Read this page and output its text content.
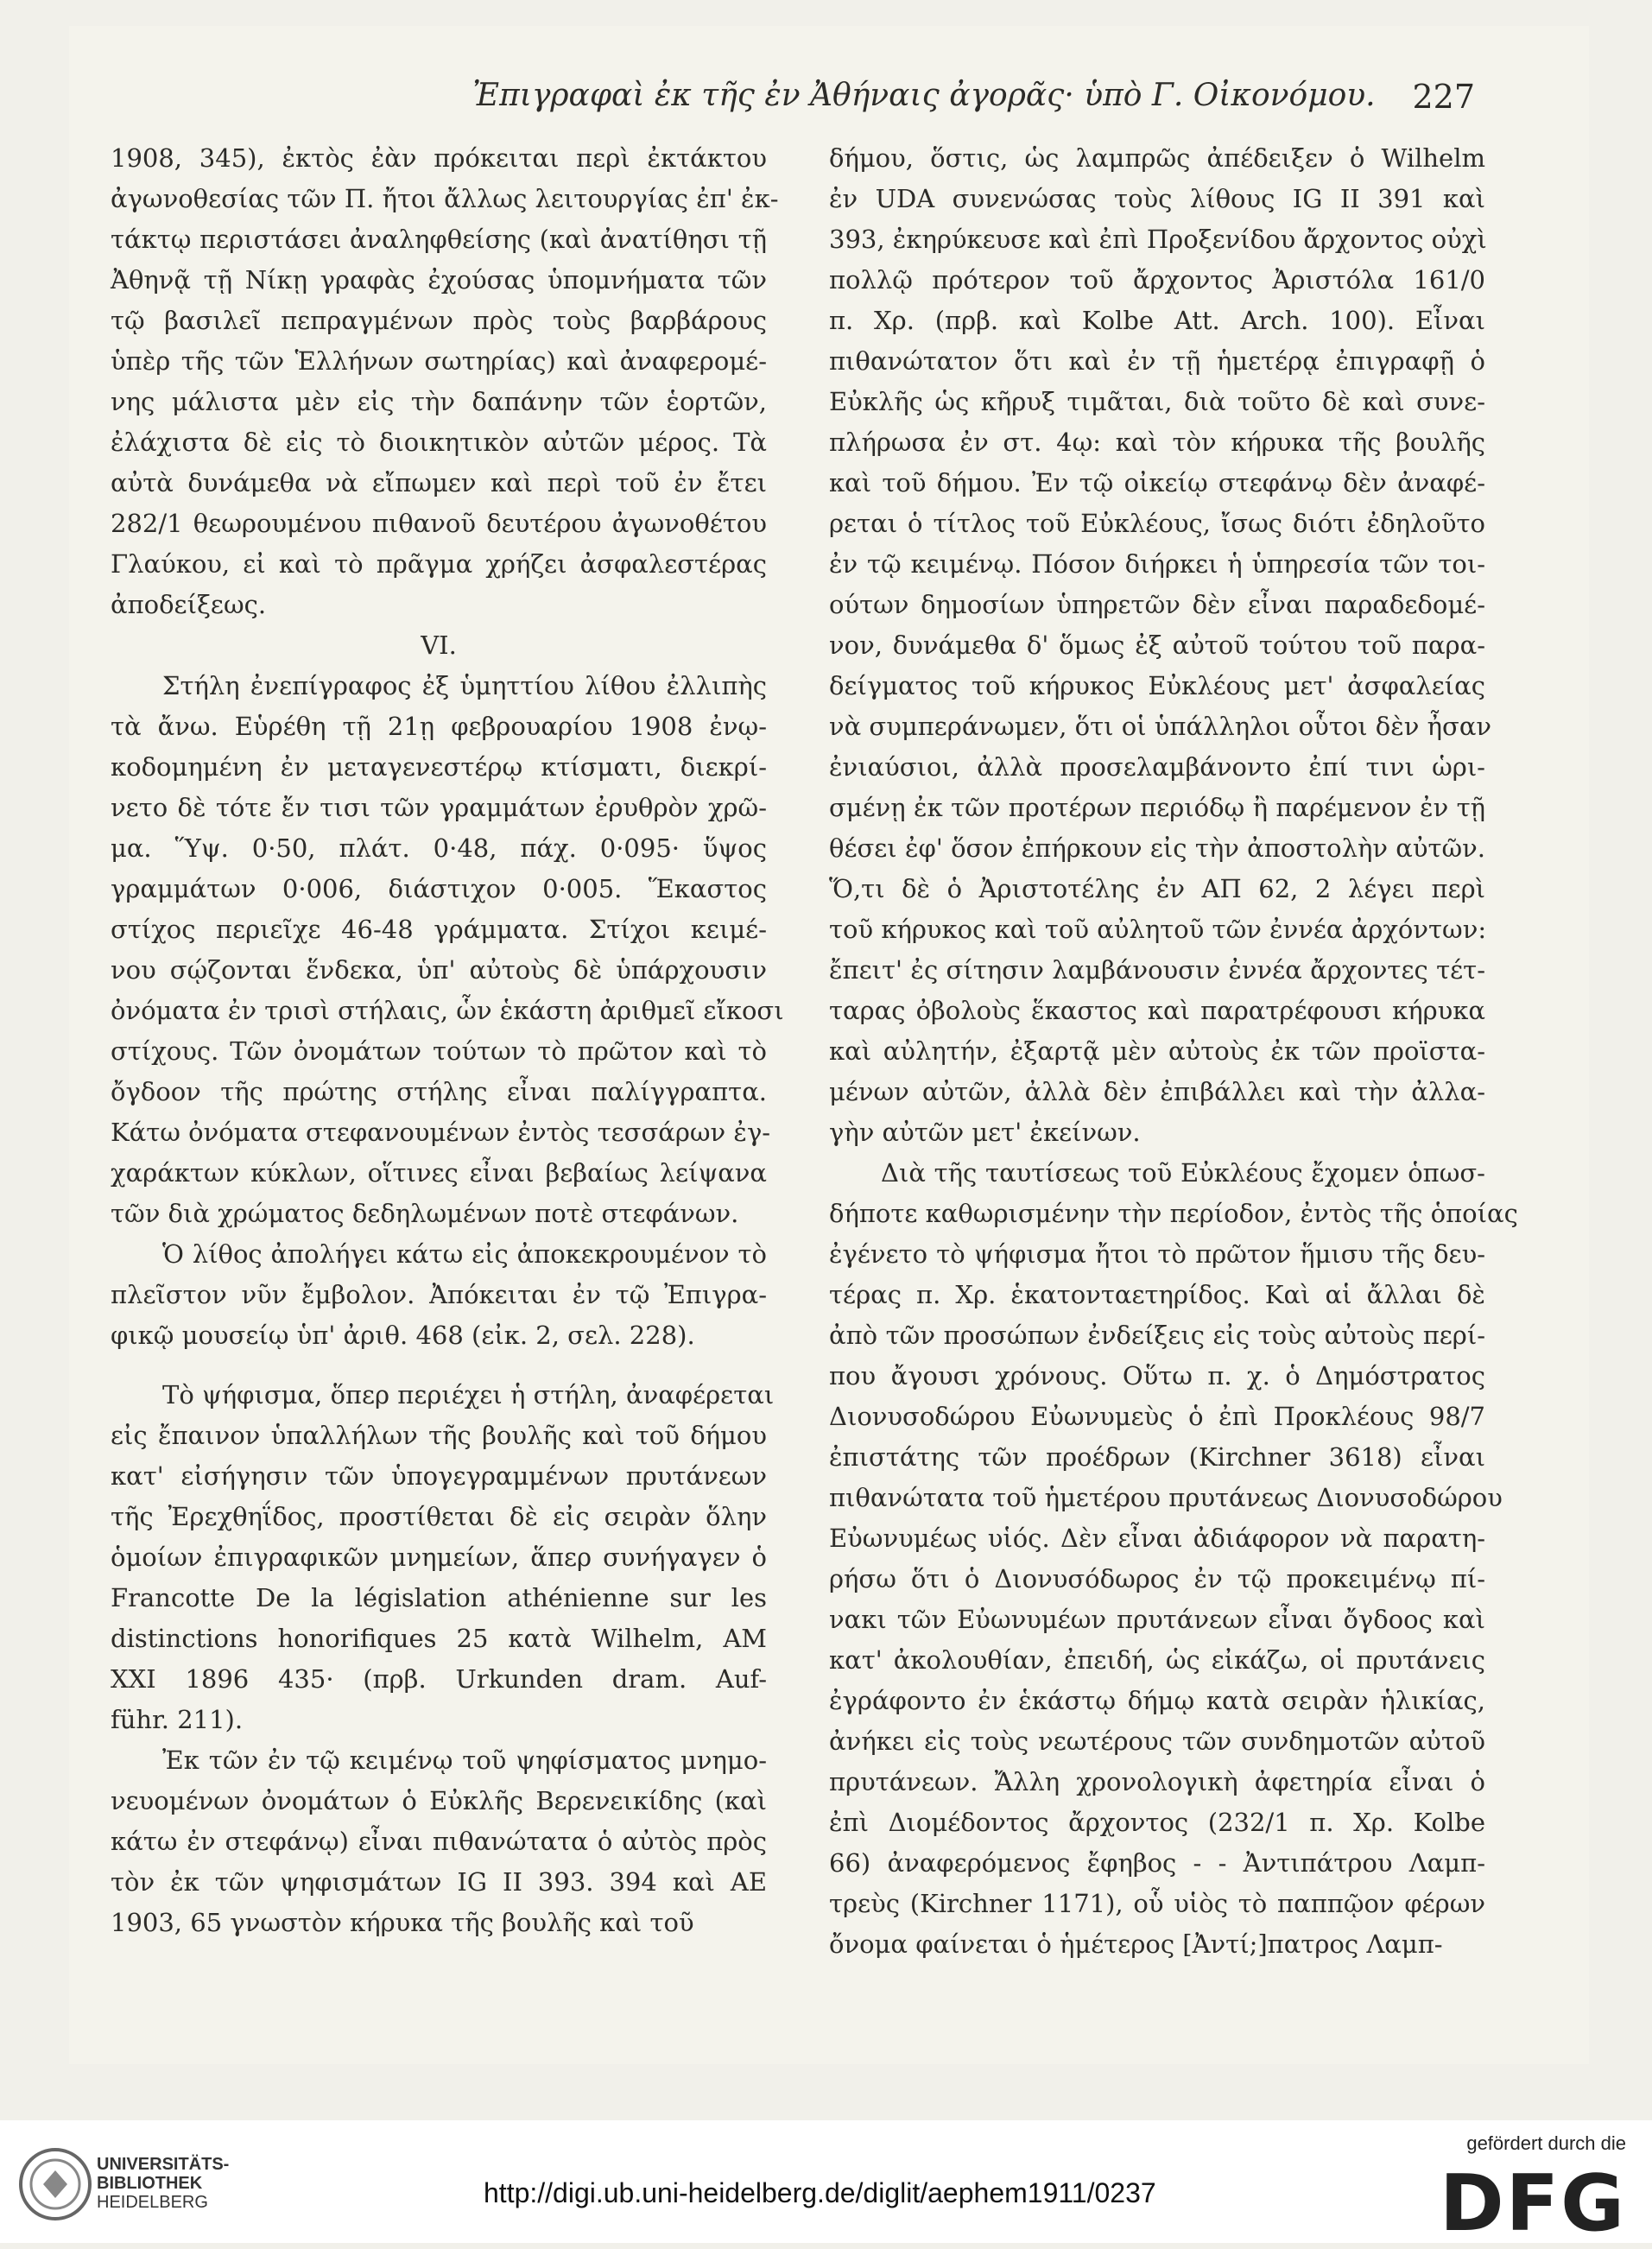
Ἐπιγραφαὶ ἐκ τῆς ἐν Ἀθήναις ἀγορᾶς· ὑπὸ Γ. Οἰκονόμου.	227

1908, 345), ἐκτὸς ἐὰν πρόκειται περὶ ἐκτάκτου
ἀγωνοθεσίας τῶν Π. ἤτοι ἄλλως λειτουργίας ἐπ' ἐκ-
τάκτῳ περιστάσει ἀναληφθείσης (καὶ ἀνατίθησι τῇ
Ἀθηνᾷ τῇ Νίκῃ γραφὰς ἐχούσας ὑπομνήματα τῶν
τῷ βασιλεῖ πεπραγμένων πρὸς τοὺς βαρβάρους
ὑπὲρ τῆς τῶν Ἑλλήνων σωτηρίας) καὶ ἀναφερομέ-
νης μάλιστα μὲν εἰς τὴν δαπάνην τῶν ἑορτῶν,
ἐλάχιστα δὲ εἰς τὸ διοικητικὸν αὐτῶν μέρος. Τὰ
αὐτὰ δυνάμεθα νὰ εἴπωμεν καὶ περὶ τοῦ ἐν ἔτει
282/1 θεωρουμένου πιθανοῦ δευτέρου ἀγωνοθέτου
Γλαύκου, εἰ καὶ τὸ πρᾶγμα χρήζει ἀσφαλεστέρας
ἀποδείξεως.

VI.

Στήλη ἐνεπίγραφος ἐξ ὑμηττίου λίθου ἐλλιπὴς
τὰ ἄνω. Εὑρέθη τῇ 21ῃ φεβρουαρίου 1908 ἐνῳ-
κοδομημένη ἐν μεταγενεστέρῳ κτίσματι, διεκρί-
νετο δὲ τότε ἔν τισι τῶν γραμμάτων ἐρυθρὸν χρῶ-
μα. Ὕψ. 0·50, πλάτ. 0·48, πάχ. 0·095· ὕψος
γραμμάτων 0·006, διάστιχον 0·005. Ἕκαστος
στίχος περιεῖχε 46-48 γράμματα. Στίχοι κειμέ-
νου σῴζονται ἕνδεκα, ὑπ' αὐτοὺς δὲ ὑπάρχουσιν
ὀνόματα ἐν τρισὶ στήλαις, ὧν ἑκάστη ἀριθμεῖ εἴκοσι
στίχους. Τῶν ὀνομάτων τούτων τὸ πρῶτον καὶ τὸ
ὄγδοον τῆς πρώτης στήλης εἶναι παλίγγραπτα.
Κάτω ὀνόματα στεφανουμένων ἐντὸς τεσσάρων ἐγ-
χαράκτων κύκλων, οἵτινες εἶναι βεβαίως λείψανα
τῶν διὰ χρώματος δεδηλωμένων ποτὲ στεφάνων.

Ὁ λίθος ἀπολήγει κάτω εἰς ἀποκεκρουμένον τὸ
πλεῖστον νῦν ἔμβολον. Ἀπόκειται ἐν τῷ Ἐπιγρα-
φικῷ μουσείῳ ὑπ' ἀριθ. 468 (εἰκ. 2, σελ. 228).

Τὸ ψήφισμα, ὅπερ περιέχει ἡ στήλη, ἀναφέρεται
εἰς ἔπαινον ὑπαλλήλων τῆς βουλῆς καὶ τοῦ δήμου
κατ' εἰσήγησιν τῶν ὑπογεγραμμένων πρυτάνεων
τῆς Ἐρεχθηΐδος, προστίθεται δὲ εἰς σειρὰν ὅλην
ὁμοίων ἐπιγραφικῶν μνημείων, ἅπερ συνήγαγεν ὁ
Francotte De la législation athénienne sur les
distinctions honorifiques 25 κατὰ Wilhelm, AM
XXI 1896 435· (πρβ. Urkunden dram. Auf-
führ. 211).

Ἐκ τῶν ἐν τῷ κειμένῳ τοῦ ψηφίσματος μνημο-
νευομένων ὀνομάτων ὁ Εὐκλῆς Βερενεικίδης (καὶ
κάτω ἐν στεφάνῳ) εἶναι πιθανώτατα ὁ αὐτὸς πρὸς
τὸν ἐκ τῶν ψηφισμάτων IG II 393. 394 καὶ ΑΕ
1903, 65 γνωστὸν κήρυκα τῆς βουλῆς καὶ τοῦ

δήμου, ὅστις, ὡς λαμπρῶς ἀπέδειξεν ὁ Wilhelm
ἐν UDA συνενώσας τοὺς λίθους IG II 391 καὶ
393, ἐκηρύκευσε καὶ ἐπὶ Προξενίδου ἄρχοντος οὐχὶ
πολλῷ πρότερον τοῦ ἄρχοντος Ἀριστόλα 161/0
π. Χρ. (πρβ. καὶ Kolbe Att. Arch. 100). Εἶναι
πιθανώτατον ὅτι καὶ ἐν τῇ ἡμετέρᾳ ἐπιγραφῇ ὁ
Εὐκλῆς ὡς κῆρυξ τιμᾶται, διὰ τοῦτο δὲ καὶ συνε-
πλήρωσα ἐν στ. 4ῳ: καὶ τὸν κήρυκα τῆς βουλῆς
καὶ τοῦ δήμου. Ἐν τῷ οἰκείῳ στεφάνῳ δὲν ἀναφέ-
ρεται ὁ τίτλος τοῦ Εὐκλέους, ἴσως διότι ἐδηλοῦτο
ἐν τῷ κειμένῳ. Πόσον διήρκει ἡ ὑπηρεσία τῶν τοι-
ούτων δημοσίων ὑπηρετῶν δὲν εἶναι παραδεδομέ-
νον, δυνάμεθα δ' ὅμως ἐξ αὐτοῦ τούτου τοῦ παρα-
δείγματος τοῦ κήρυκος Εὐκλέους μετ' ἀσφαλείας
νὰ συμπεράνωμεν, ὅτι οἱ ὑπάλληλοι οὗτοι δὲν ἦσαν
ἐνιαύσιοι, ἀλλὰ προσελαμβάνοντο ἐπί τινι ὡρι-
σμένῃ ἐκ τῶν προτέρων περιόδῳ ἢ παρέμενον ἐν τῇ
θέσει ἐφ' ὅσον ἐπήρκουν εἰς τὴν ἀποστολὴν αὐτῶν.
Ὅ,τι δὲ ὁ Ἀριστοτέλης ἐν ΑΠ 62, 2 λέγει περὶ
τοῦ κήρυκος καὶ τοῦ αὐλητοῦ τῶν ἐννέα ἀρχόντων:
ἔπειτ' ἐς σίτησιν λαμβάνουσιν ἐννέα ἄρχοντες τέτ-
ταρας ὀβολοὺς ἕκαστος καὶ παρατρέφουσι κήρυκα
καὶ αὐλητήν, ἐξαρτᾷ μὲν αὐτοὺς ἐκ τῶν προϊστα-
μένων αὐτῶν, ἀλλὰ δὲν ἐπιβάλλει καὶ τὴν ἀλλα-
γὴν αὐτῶν μετ' ἐκείνων.

Διὰ τῆς ταυτίσεως τοῦ Εὐκλέους ἔχομεν ὁπωσ-
δήποτε καθωρισμένην τὴν περίοδον, ἐντὸς τῆς ὁποίας
ἐγένετο τὸ ψήφισμα ἤτοι τὸ πρῶτον ἥμισυ τῆς δευ-
τέρας π. Χρ. ἑκατονταετηρίδος. Καὶ αἱ ἄλλαι δὲ
ἀπὸ τῶν προσώπων ἐνδείξεις εἰς τοὺς αὐτοὺς περί-
που ἄγουσι χρόνους. Οὕτω π. χ. ὁ Δημόστρατος
Διονυσοδώρου Εὐωνυμεὺς ὁ ἐπὶ Προκλέους 98/7
ἐπιστάτης τῶν προέδρων (Kirchner 3618) εἶναι
πιθανώτατα τοῦ ἡμετέρου πρυτάνεως Διονυσοδώρου
Εὐωνυμέως υἱός. Δὲν εἶναι ἀδιάφορον νὰ παρατη-
ρήσω ὅτι ὁ Διονυσόδωρος ἐν τῷ προκειμένῳ πί-
νακι τῶν Εὐωνυμέων πρυτάνεων εἶναι ὄγδοος καὶ
κατ' ἀκολουθίαν, ἐπειδή, ὡς εἰκάζω, οἱ πρυτάνεις
ἐγράφοντο ἐν ἑκάστῳ δήμῳ κατὰ σειρὰν ἡλικίας,
ἀνήκει εἰς τοὺς νεωτέρους τῶν συνδημοτῶν αὐτοῦ
πρυτάνεων. Ἄλλη χρονολογικὴ ἀφετηρία εἶναι ὁ
ἐπὶ Διομέδοντος ἄρχοντος (232/1 π. Χρ. Kolbe
66) ἀναφερόμενος ἔφηβος - - Ἀντιπάτρου Λαμπ-
τρεὺς (Kirchner 1171), οὗ υἱὸς τὸ παππῷον φέρων
ὄνομα φαίνεται ὁ ἡμέτερος [Ἀντί;]πατρος Λαμπ-

UNIVERSITÄTS-
BIBLIOTHEK
HEIDELBERG	http://digi.ub.uni-heidelberg.de/diglit/aephem1911/0237
gefördert durch die
DFG
